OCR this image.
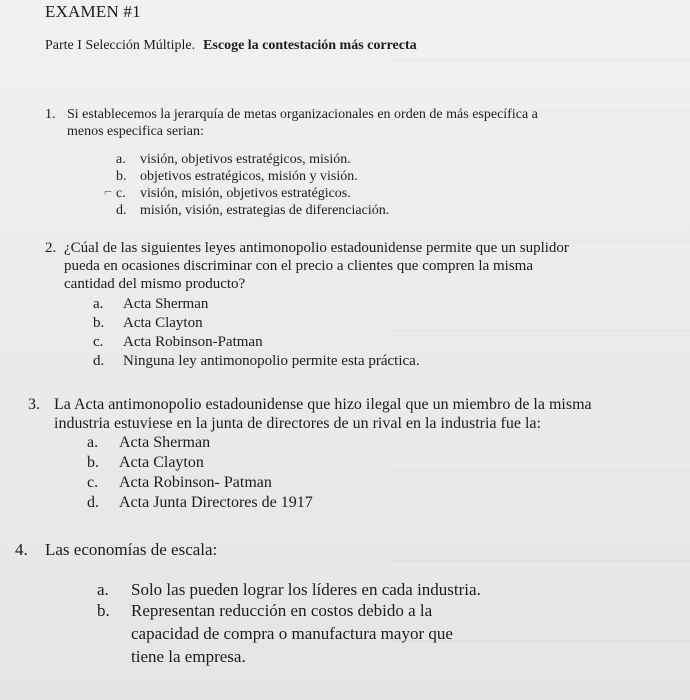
EXAMEN #1
Parte I Selección Múltiple. Escoge la contestación más correcta
1. Si establecemos la jerarquía de metas organizacionales en orden de más específica a
menos especifica serian:
a. visión, objetivos estratégicos, misión.
b. objetivos estratégicos, misión y visión.
c. visión, misión, objetivos estratégicos.
d. misión, visión, estrategias de diferenciación.
⌐
2. ¿Cúal de las siguientes leyes antimonopolio estadounidense permite que un suplidor
pueda en ocasiones discriminar con el precio a clientes que compren la misma
cantidad del mismo producto?
a. Acta Sherman
b. Acta Clayton
c. Acta Robinson-Patman
d. Ninguna ley antimonopolio permite esta práctica.
3. La Acta antimonopolio estadounidense que hizo ilegal que un miembro de la misma
industria estuviese en la junta de directores de un rival en la industria fue la:
a. Acta Sherman
b. Acta Clayton
c. Acta Robinson- Patman
d. Acta Junta Directores de 1917
4. Las economías de escala:
a. Solo las pueden lograr los líderes en cada industria.
b. Representan reducción en costos debido a la
capacidad de compra o manufactura mayor que
tiene la empresa.
